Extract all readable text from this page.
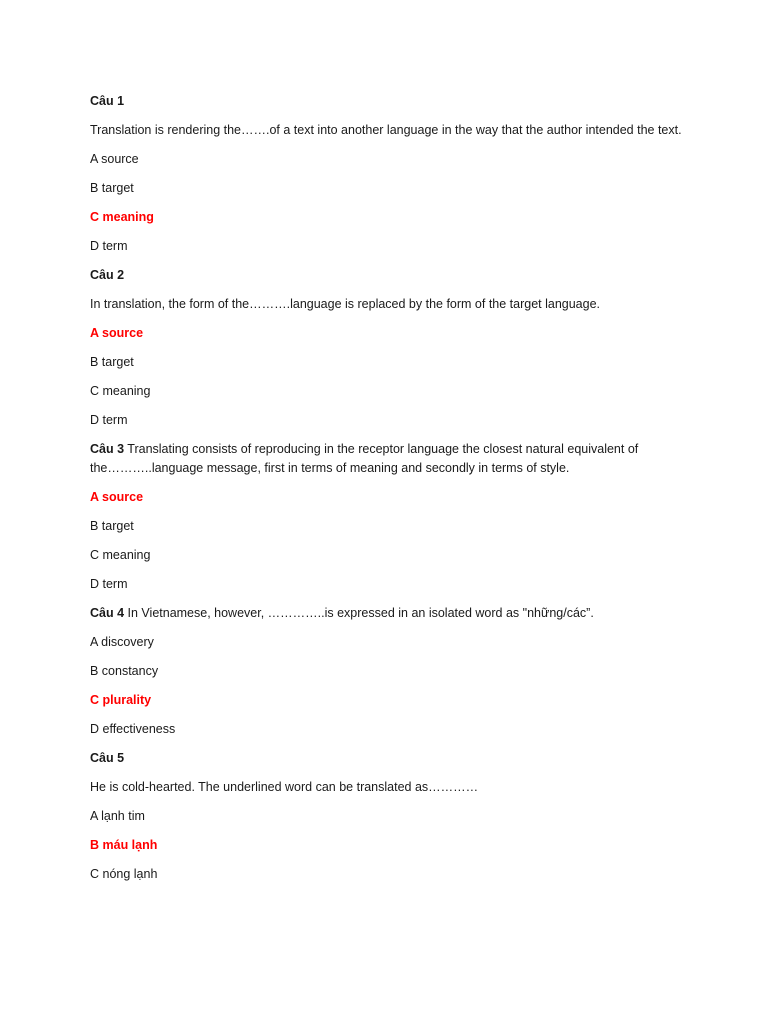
Câu 1
Translation is rendering the…….of a text into another language in the way that the author intended the text.
A source
B target
C meaning
D term
Câu 2
In translation, the form of the……….language is replaced by the form of the target language.
A source
B target
C meaning
D term
Câu 3 Translating consists of reproducing in the receptor language the closest natural equivalent of the………..language message, first in terms of meaning and secondly in terms of style.
A source
B target
C meaning
D term
Câu 4 In Vietnamese, however, …………..is expressed in an isolated word as "những/các”.
A discovery
B constancy
C plurality
D effectiveness
Câu 5
He is cold-hearted. The underlined word can be translated as…………
A lạnh tim
B máu lạnh
C nóng lạnh
